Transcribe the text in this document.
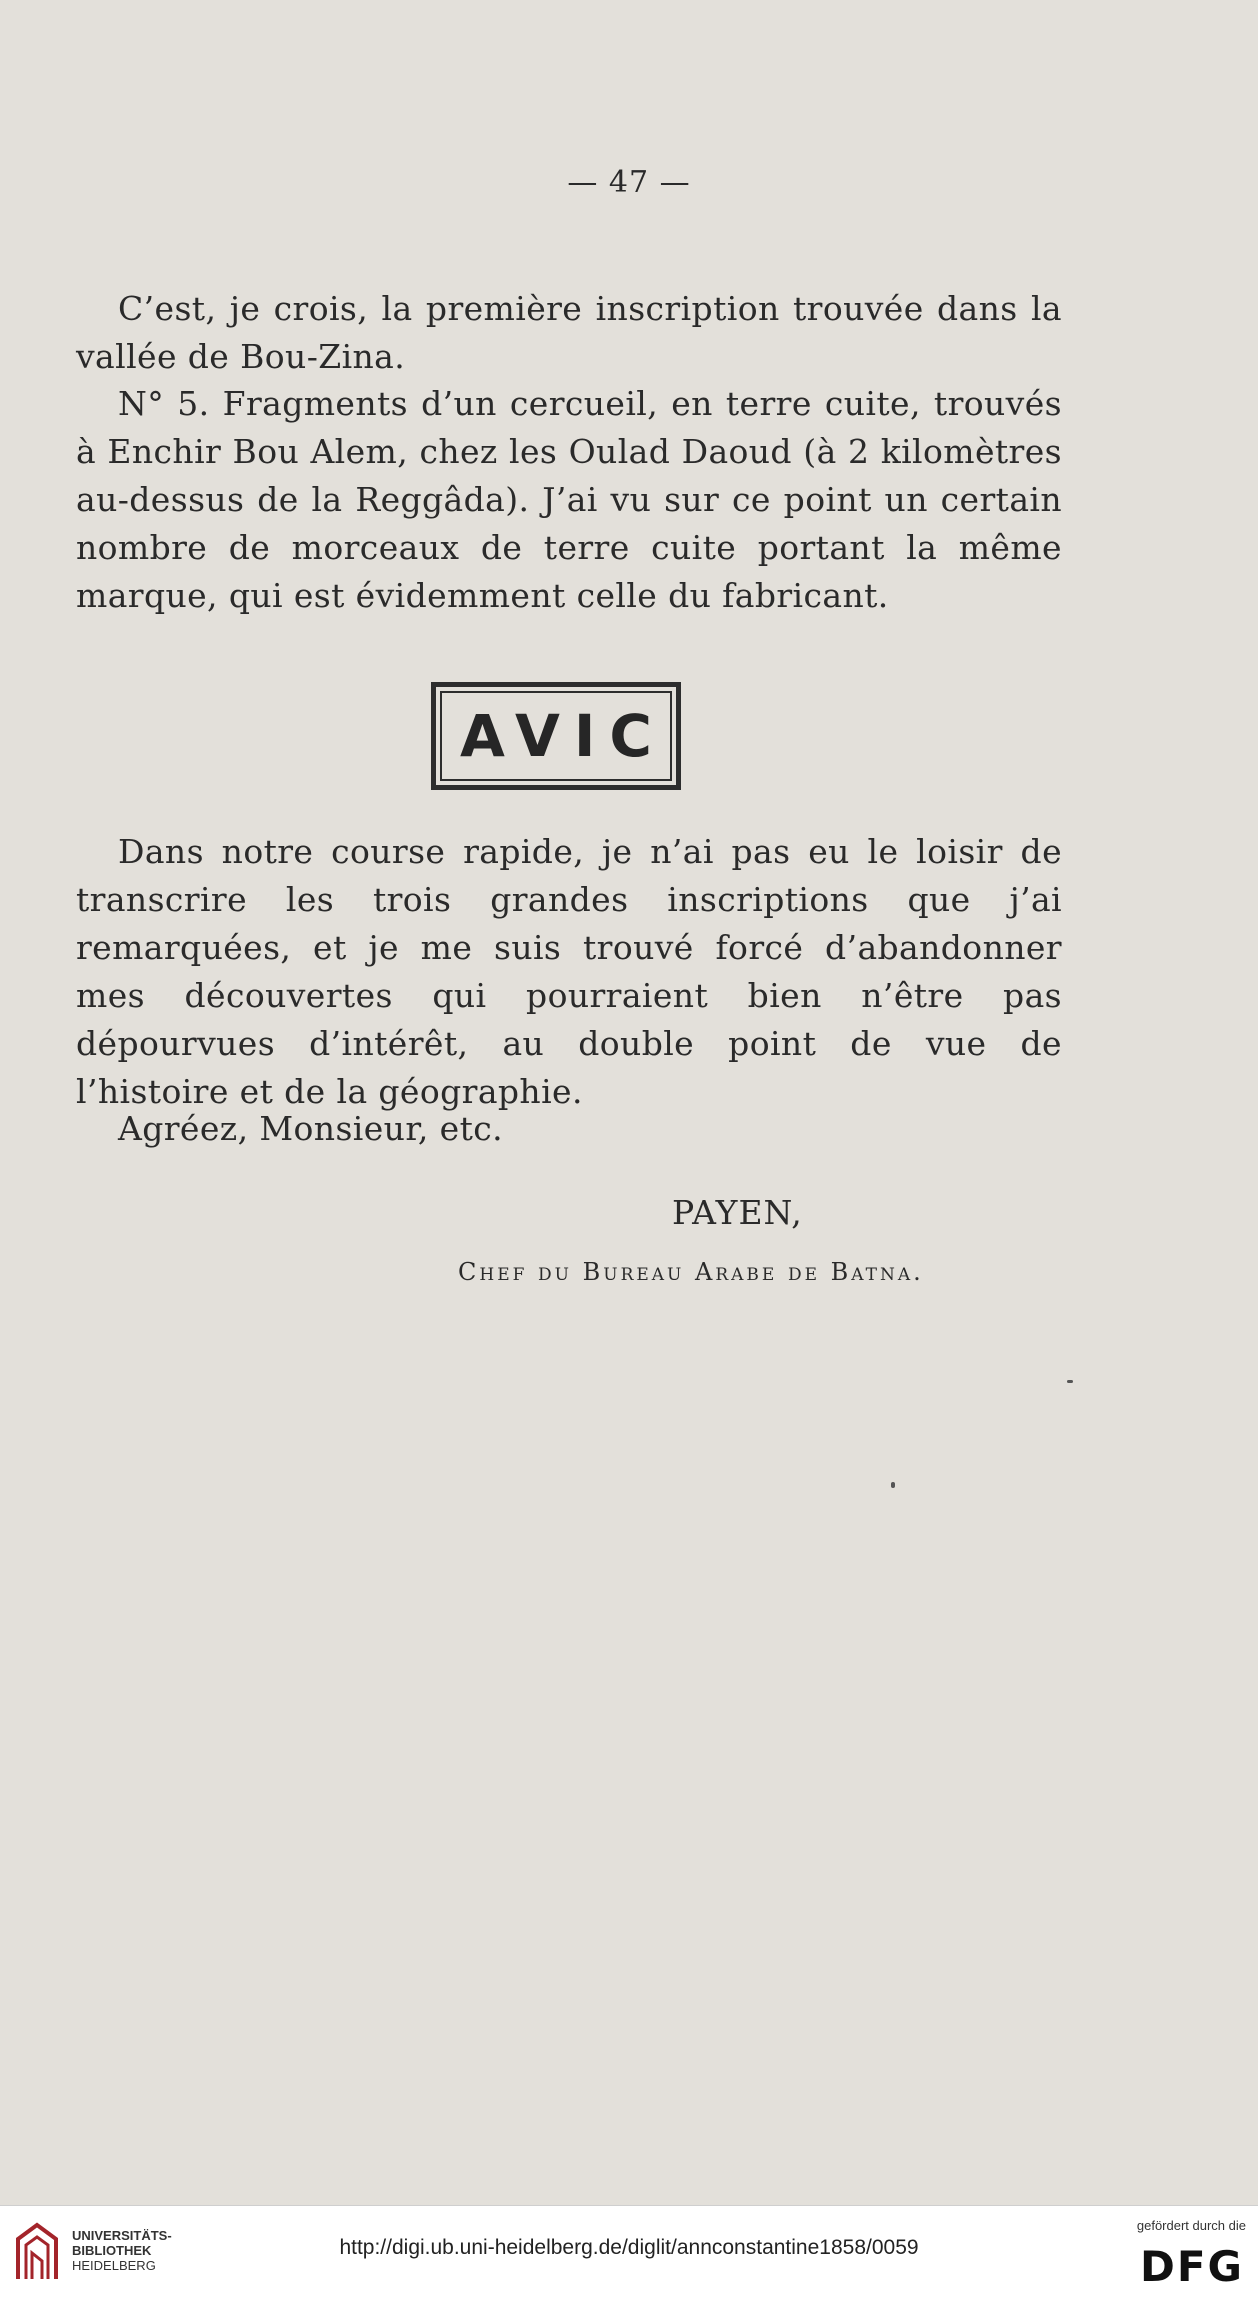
— 47 —

C’est, je crois, la première inscription trouvée dans la vallée de Bou-Zina.

N° 5. Fragments d’un cercueil, en terre cuite, trouvés à Enchir Bou Alem, chez les Oulad Daoud (à 2 kilomètres au-dessus de la Reggâda). J’ai vu sur ce point un certain nombre de morceaux de terre cuite portant la même marque, qui est évidemment celle du fabricant.

AVIC

Dans notre course rapide, je n’ai pas eu le loisir de transcrire les trois grandes inscriptions que j’ai remarquées, et je me suis trouvé forcé d’abandonner mes découvertes qui pourraient bien n’être pas dépourvues d’intérêt, au double point de vue de l’histoire et de la géographie.

Agréez, Monsieur, etc.

PAYEN,
Chef du Bureau Arabe de Batna.
UNIVERSITÄTS-
BIBLIOTHEK
HEIDELBERG
http://digi.ub.uni-heidelberg.de/diglit/annconstantine1858/0059
gefördert durch die
DFG
